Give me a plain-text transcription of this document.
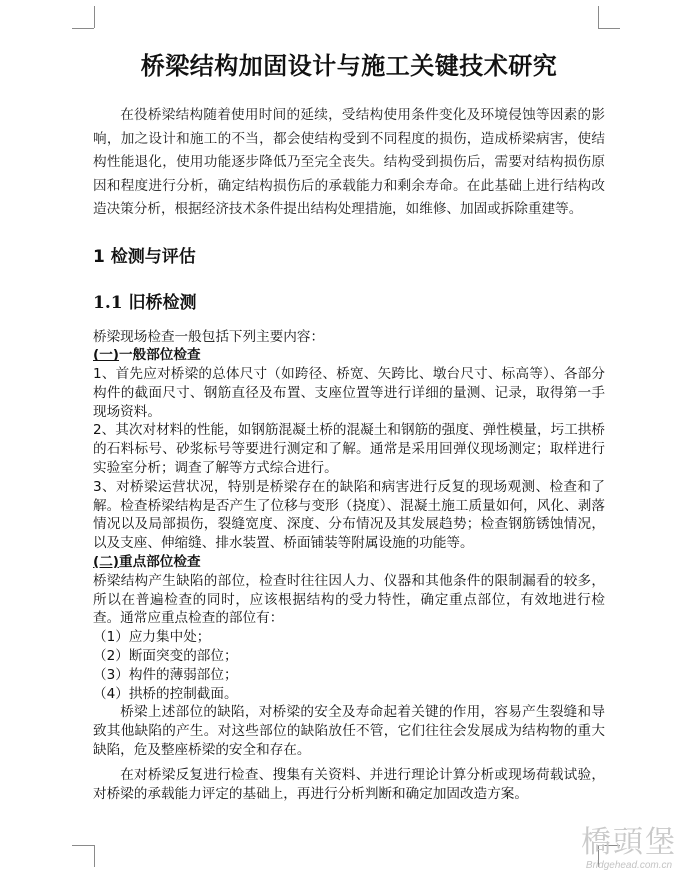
桥梁结构加固设计与施工关键技术研究

在役桥梁结构随着使用时间的延续，受结构使用条件变化及环境侵蚀等因素的影响，加之设计和施工的不当，都会使结构受到不同程度的损伤，造成桥梁病害，使结构性能退化，使用功能逐步降低乃至完全丧失。结构受到损伤后，需要对结构损伤原因和程度进行分析，确定结构损伤后的承载能力和剩余寿命。在此基础上进行结构改造决策分析，根据经济技术条件提出结构处理措施，如维修、加固或拆除重建等。

1 检测与评估
1.1 旧桥检测

桥梁现场检查一般包括下列主要内容：

(一)一般部位检查

1、首先应对桥梁的总体尺寸（如跨径、桥宽、矢跨比、墩台尺寸、标高等）、各部分构件的截面尺寸、钢筋直径及布置、支座位置等进行详细的量测、记录，取得第一手现场资料。

2、其次对材料的性能，如钢筋混凝土桥的混凝土和钢筋的强度、弹性模量，圬工拱桥的石料标号、砂浆标号等要进行测定和了解。通常是采用回弹仪现场测定；取样进行实验室分析；调查了解等方式综合进行。

3、对桥梁运营状况，特别是桥梁存在的缺陷和病害进行反复的现场观测、检查和了解。检查桥梁结构是否产生了位移与变形（挠度）、混凝土施工质量如何，风化、剥落情况以及局部损伤，裂缝宽度、深度、分布情况及其发展趋势；检查钢筋锈蚀情况，以及支座、伸缩缝、排水装置、桥面铺装等附属设施的功能等。

(二)重点部位检查

桥梁结构产生缺陷的部位，检查时往往因人力、仪器和其他条件的限制漏看的较多，所以在普遍检查的同时，应该根据结构的受力特性，确定重点部位，有效地进行检查。通常应重点检查的部位有：

（1）应力集中处；

（2）断面突变的部位；

（3）构件的薄弱部位；

（4）拱桥的控制截面。

桥梁上述部位的缺陷，对桥梁的安全及寿命起着关键的作用，容易产生裂缝和导致其他缺陷的产生。对这些部位的缺陷放任不管，它们往往会发展成为结构物的重大缺陷，危及整座桥梁的安全和存在。

在对桥梁反复进行检查、搜集有关资料、并进行理论计算分析或现场荷载试验，对桥梁的承载能力评定的基础上，再进行分析判断和确定加固改造方案。

橋頭堡
Bridgehead.com.cn
